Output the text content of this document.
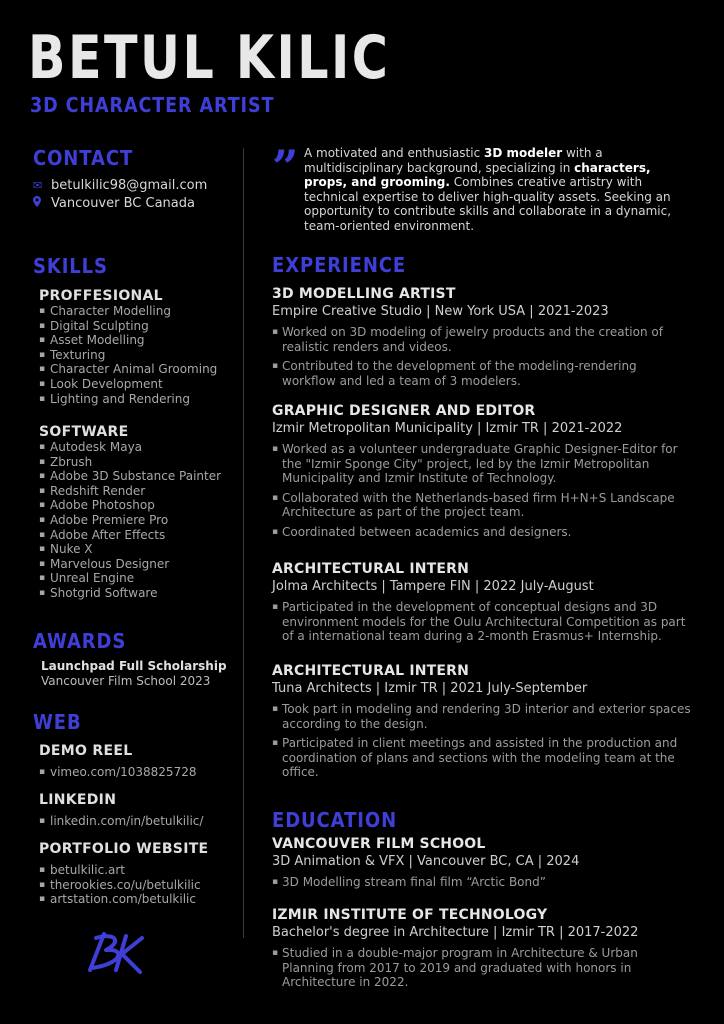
BETUL KILIC
3D CHARACTER ARTIST
CONTACT
✉ betulkilic98@gmail.com
Vancouver BC Canada
SKILLS
PROFFESIONAL
▪ Character Modelling
▪ Digital Sculpting
▪ Asset Modelling
▪ Texturing
▪ Character Animal Grooming
▪ Look Development
▪ Lighting and Rendering
SOFTWARE
▪ Autodesk Maya
▪ Zbrush
▪ Adobe 3D Substance Painter
▪ Redshift Render
▪ Adobe Photoshop
▪ Adobe Premiere Pro
▪ Adobe After Effects
▪ Nuke X
▪ Marvelous Designer
▪ Unreal Engine
▪ Shotgrid Software
AWARDS
Launchpad Full Scholarship
Vancouver Film School 2023
WEB
DEMO REEL
▪ vimeo.com/1038825728
LINKEDIN
▪ linkedin.com/in/betulkilic/
PORTFOLIO WEBSITE
▪ betulkilic.art
▪ therookies.co/u/betulkilic
▪ artstation.com/betulkilic
” A motivated and enthusiastic 3D modeler with a multidisciplinary background, specializing in characters, props, and grooming. Combines creative artistry with technical expertise to deliver high-quality assets. Seeking an opportunity to contribute skills and collaborate in a dynamic, team-oriented environment.
EXPERIENCE
3D MODELLING ARTIST
Empire Creative Studio | New York USA | 2021-2023
▪ Worked on 3D modeling of jewelry products and the creation of realistic renders and videos.
▪ Contributed to the development of the modeling-rendering workflow and led a team of 3 modelers.
GRAPHIC DESIGNER AND EDITOR
Izmir Metropolitan Municipality | Izmir TR | 2021-2022
▪ Worked as a volunteer undergraduate Graphic Designer-Editor for the "Izmir Sponge City" project, led by the Izmir Metropolitan Municipality and Izmir Institute of Technology.
▪ Collaborated with the Netherlands-based firm H+N+S Landscape Architecture as part of the project team.
▪ Coordinated between academics and designers.
ARCHITECTURAL INTERN
Jolma Architects | Tampere FIN | 2022 July-August
▪ Participated in the development of conceptual designs and 3D environment models for the Oulu Architectural Competition as part of a international team during a 2-month Erasmus+ Internship.
ARCHITECTURAL INTERN
Tuna Architects | Izmir TR | 2021 July-September
▪ Took part in modeling and rendering 3D interior and exterior spaces according to the design.
▪ Participated in client meetings and assisted in the production and coordination of plans and sections with the modeling team at the office.
EDUCATION
VANCOUVER FILM SCHOOL
3D Animation & VFX | Vancouver BC, CA | 2024
▪ 3D Modelling stream final film “Arctic Bond”
IZMIR INSTITUTE OF TECHNOLOGY
Bachelor's degree in Architecture | Izmir TR | 2017-2022
▪ Studied in a double-major program in Architecture & Urban Planning from 2017 to 2019 and graduated with honors in Architecture in 2022.
